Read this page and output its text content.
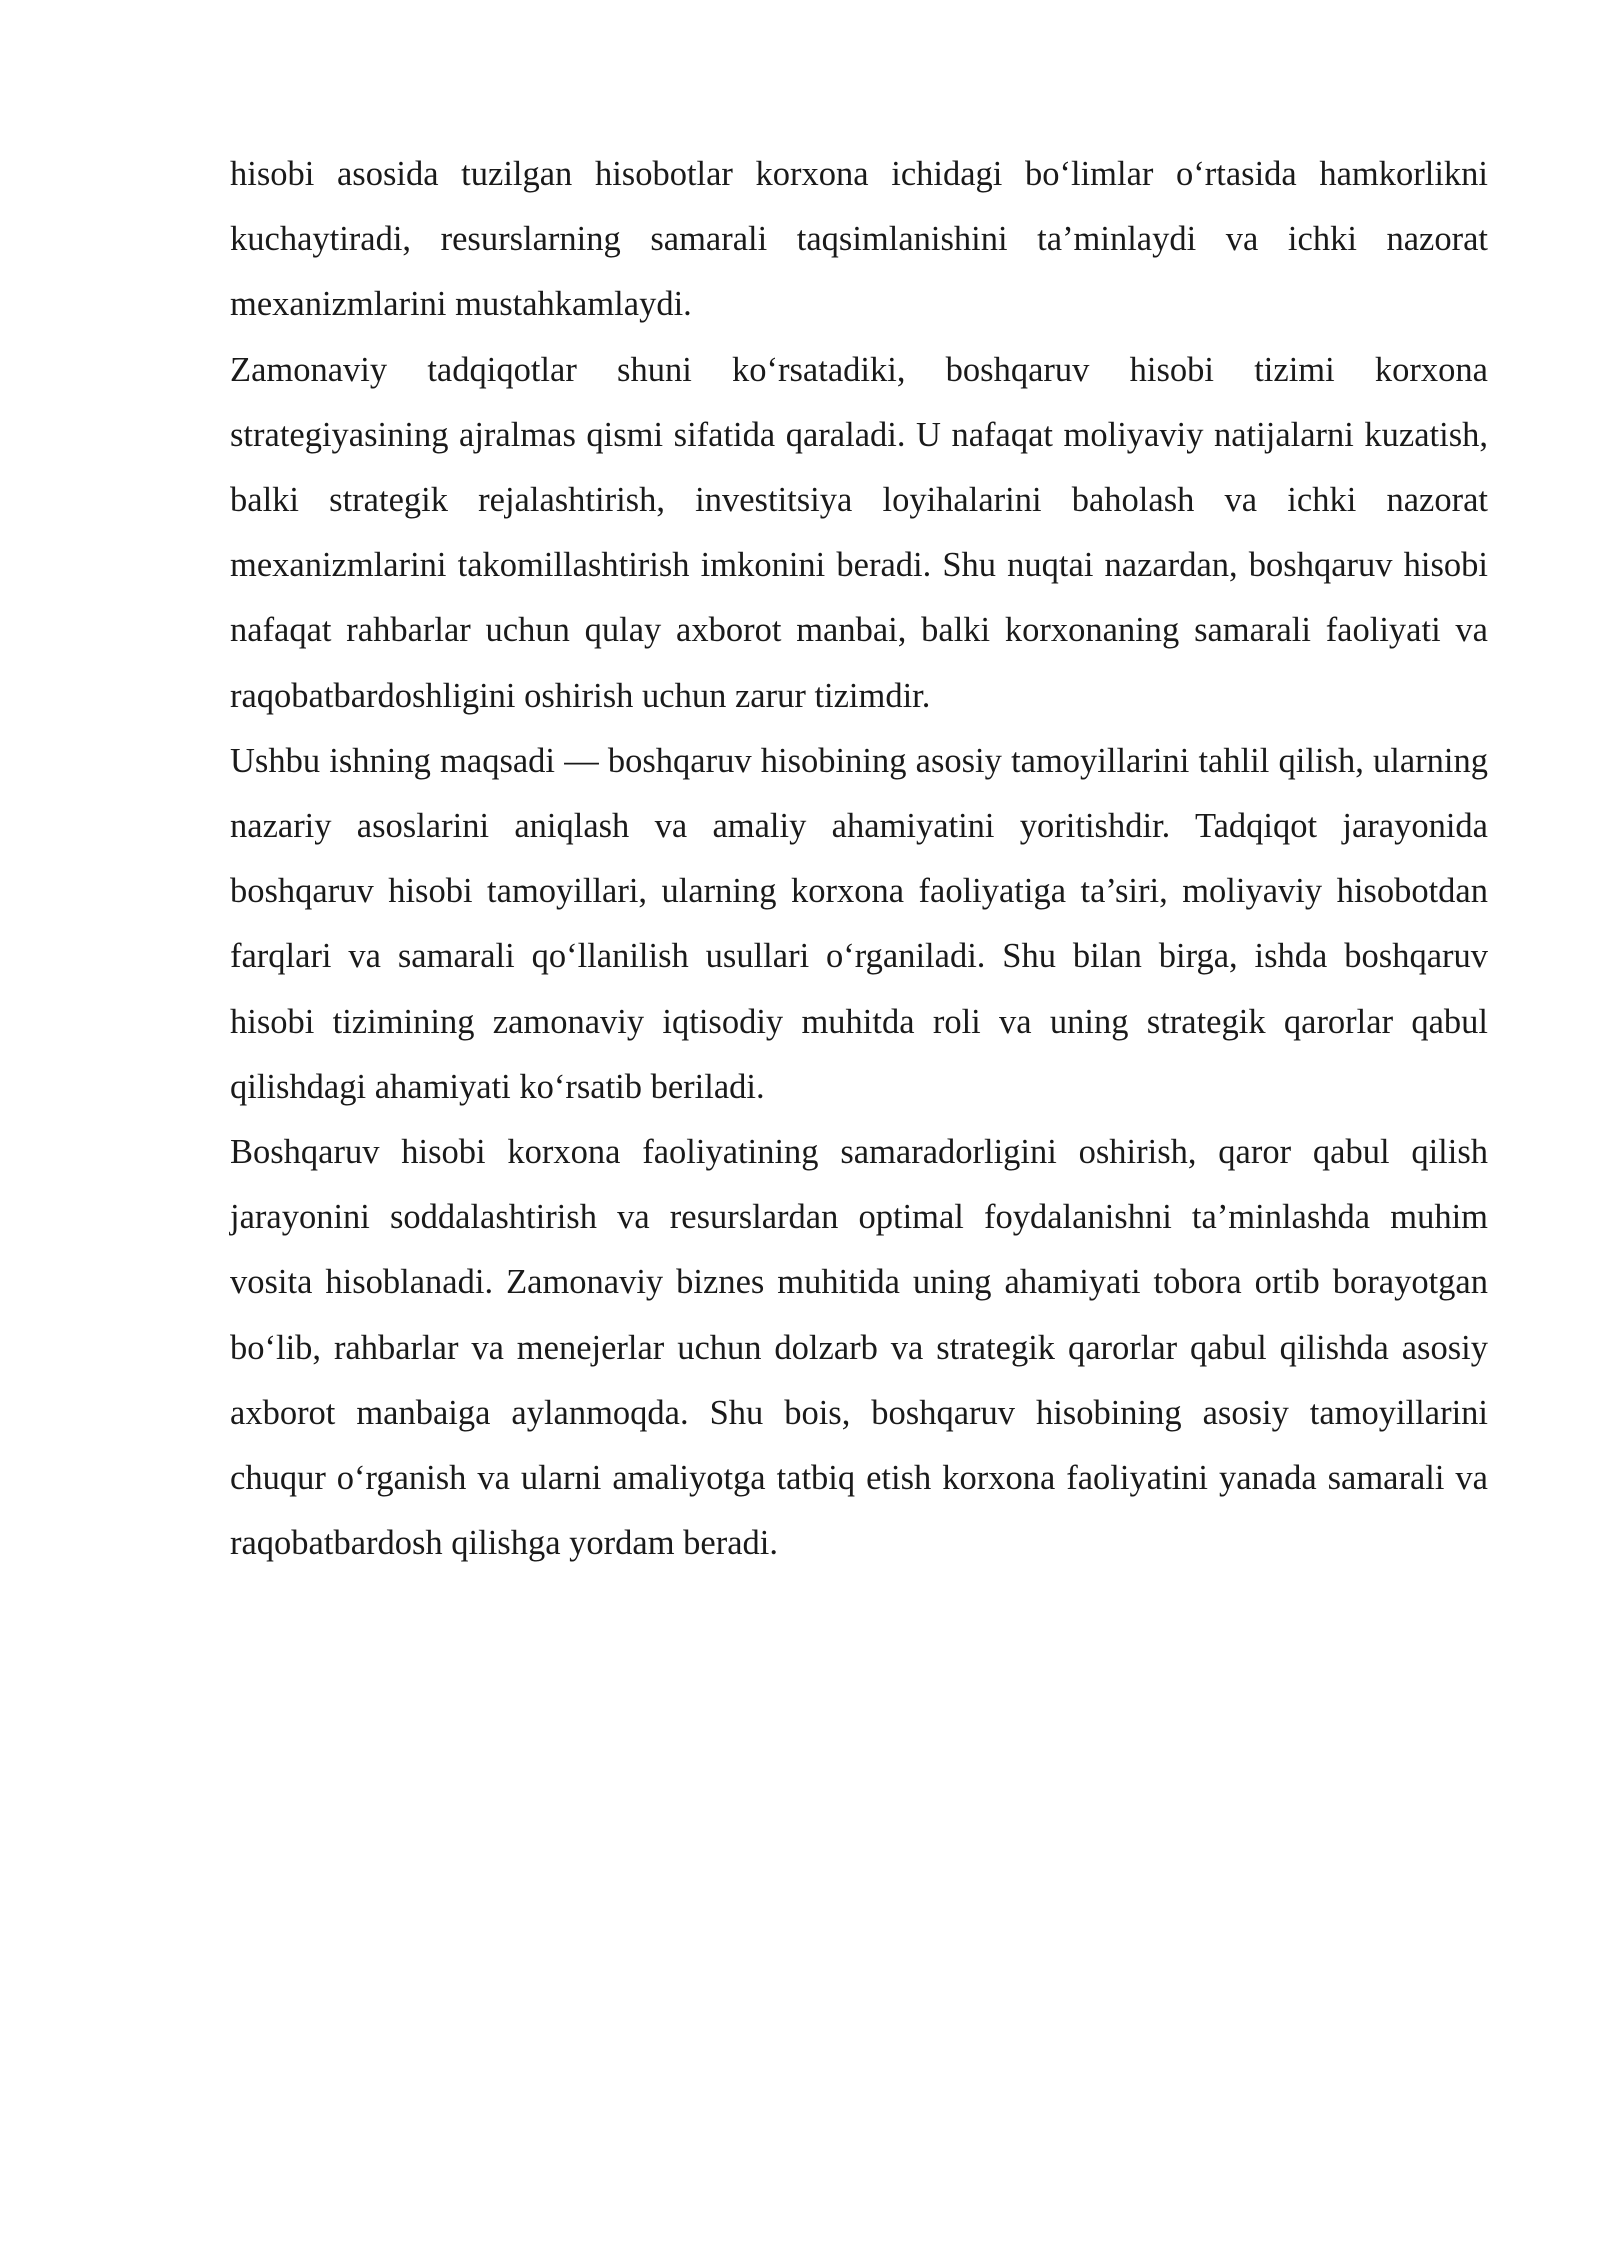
hisobi asosida tuzilgan hisobotlar korxona ichidagi bo‘limlar o‘rtasida hamkorlikni kuchaytiradi, resurslarning samarali taqsimlanishini ta’minlaydi va ichki nazorat mexanizmlarini mustahkamlaydi.

Zamonaviy tadqiqotlar shuni ko‘rsatadiki, boshqaruv hisobi tizimi korxona strategiyasining ajralmas qismi sifatida qaraladi. U nafaqat moliyaviy natijalarni kuzatish, balki strategik rejalashtirish, investitsiya loyihalarini baholash va ichki nazorat mexanizmlarini takomillashtirish imkonini beradi. Shu nuqtai nazardan, boshqaruv hisobi nafaqat rahbarlar uchun qulay axborot manbai, balki korxonaning samarali faoliyati va raqobatbardoshligini oshirish uchun zarur tizimdir.

Ushbu ishning maqsadi — boshqaruv hisobining asosiy tamoyillarini tahlil qilish, ularning nazariy asoslarini aniqlash va amaliy ahamiyatini yoritishdir. Tadqiqot jarayonida boshqaruv hisobi tamoyillari, ularning korxona faoliyatiga ta’siri, moliyaviy hisobotdan farqlari va samarali qo‘llanilish usullari o‘rganiladi. Shu bilan birga, ishda boshqaruv hisobi tizimining zamonaviy iqtisodiy muhitda roli va uning strategik qarorlar qabul qilishdagi ahamiyati ko‘rsatib beriladi.

Boshqaruv hisobi korxona faoliyatining samaradorligini oshirish, qaror qabul qilish jarayonini soddalashtirish va resurslardan optimal foydalanishni ta’minlashda muhim vosita hisoblanadi. Zamonaviy biznes muhitida uning ahamiyati tobora ortib borayotgan bo‘lib, rahbarlar va menejerlar uchun dolzarb va strategik qarorlar qabul qilishda asosiy axborot manbaiga aylanmoqda. Shu bois, boshqaruv hisobining asosiy tamoyillarini chuqur o‘rganish va ularni amaliyotga tatbiq etish korxona faoliyatini yanada samarali va raqobatbardosh qilishga yordam beradi.
